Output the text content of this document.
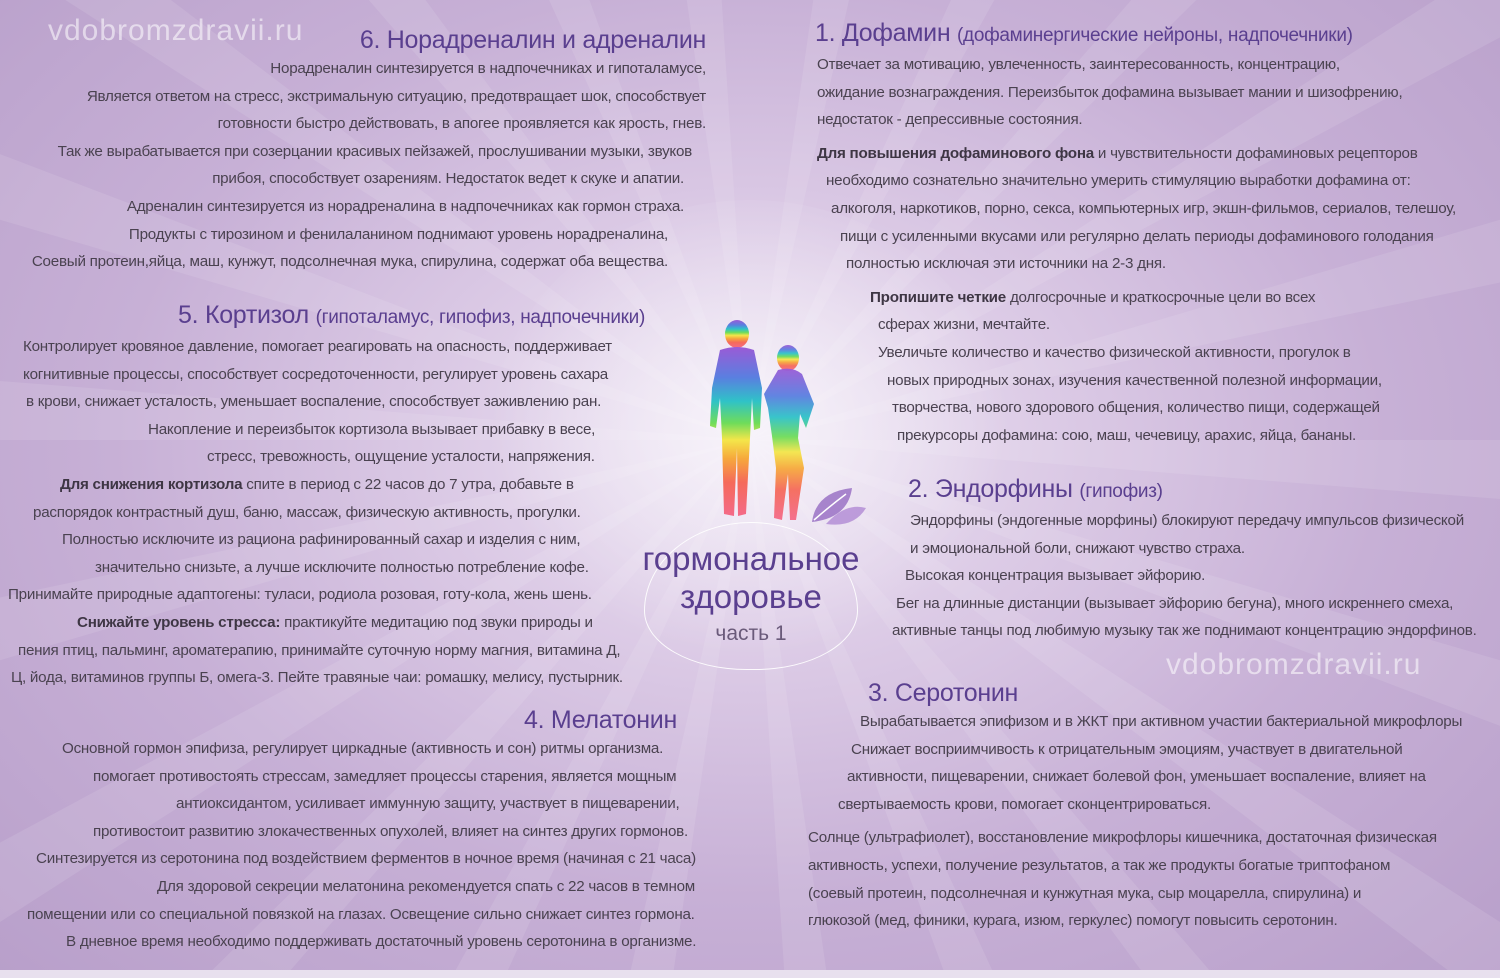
vdobromzdravii.ru
vdobromzdravii.ru
6. Норадреналин и адреналин
Норадреналин синтезируется в надпочечниках и гипоталамусе,
Является ответом на стресс, экстримальную ситуацию, предотвращает шок, способствует
готовности быстро действовать, в апогее проявляется как ярость, гнев.
Так же вырабатывается при созерцании красивых пейзажей, прослушивании музыки, звуков
прибоя, способствует озарениям. Недостаток ведет к скуке и апатии.
Адреналин синтезируется из норадреналина в надпочечниках как гормон страха.
Продукты с тирозином и фенилаланином поднимают уровень норадреналина,
Соевый протеин,яйца, маш, кунжут, подсолнечная мука, спирулина, содержат оба вещества.
5. Кортизол (гипоталамус, гипофиз, надпочечники)
Контролирует кровяное давление, помогает реагировать на опасность, поддерживает
когнитивные процессы, способствует сосредоточенности, регулирует уровень сахара
в крови, снижает усталость, уменьшает воспаление, способствует заживлению ран.
Накопление и переизбыток кортизола вызывает прибавку в весе,
стресс, тревожность, ощущение усталости, напряжения.
Для снижения кортизола спите в период с 22 часов до 7 утра, добавьте в
распорядок контрастный душ, баню, массаж, физическую активность, прогулки.
Полностью исключите из рациона рафинированный сахар и изделия с ним,
значительно снизьте, а лучше исключите полностью потребление кофе.
Принимайте природные адаптогены: туласи, родиола розовая, готу-кола, жень шень.
Снижайте уровень стресса: практикуйте медитацию под звуки природы и
пения птиц, пальминг, ароматерапию, принимайте суточную норму магния, витамина Д,
Ц, йода, витаминов группы Б, омега-3. Пейте травяные чаи: ромашку, мелису, пустырник.
4. Мелатонин
Основной гормон эпифиза, регулирует циркадные (активность и сон) ритмы организма.
помогает противостоять стрессам, замедляет процессы старения, является мощным
антиоксидантом, усиливает иммунную защиту, участвует в пищеварении,
противостоит развитию злокачественных опухолей, влияет на синтез других гормонов.
Синтезируется из серотонина под воздействием ферментов в ночное время (начиная с 21 часа)
Для здоровой секреции мелатонина рекомендуется спать с 22 часов в темном
помещении или со специальной повязкой на глазах. Освещение сильно снижает синтез гормона.
В дневное время необходимо поддерживать достаточный уровень серотонина в организме.
1. Дофамин (дофаминергические нейроны, надпочечники)
Отвечает за мотивацию, увлеченность, заинтересованность, концентрацию,
ожидание вознаграждения. Переизбыток дофамина вызывает мании и шизофрению,
недостаток - депрессивные состояния.
Для повышения дофаминового фона и чувствительности дофаминовых рецепторов
необходимо сознательно значительно умерить стимуляцию выработки дофамина от:
алкоголя, наркотиков, порно, секса, компьютерных игр, экшн-фильмов, сериалов, телешоу,
пищи с усиленными вкусами или регулярно делать периоды дофаминового голодания
полностью исключая эти источники на 2-3 дня.
Пропишите четкие долгосрочные и краткосрочные цели во всех
сферах жизни, мечтайте.
Увеличьте количество и качество физической активности, прогулок в
новых природных зонах, изучения качественной полезной информации,
творчества, нового здорового общения, количество пищи, содержащей
прекурсоры дофамина: сою, маш, чечевицу, арахис, яйца, бананы.
2. Эндорфины (гипофиз)
Эндорфины (эндогенные морфины) блокируют передачу импульсов физической
и эмоциональной боли, снижают чувство страха.
Высокая концентрация вызывает эйфорию.
Бег на длинные дистанции (вызывает эйфорию бегуна), много искреннего смеха,
активные танцы под любимую музыку так же поднимают концентрацию эндорфинов.
3. Серотонин
Вырабатывается эпифизом и в ЖКТ при активном участии бактериальной микрофлоры
Снижает восприимчивость к отрицательным эмоциям, участвует в двигательной
активности, пищеварении, снижает болевой фон, уменьшает воспаление, влияет на
свертываемость крови, помогает сконцентрироваться.
Солнце (ультрафиолет), восстановление микрофлоры кишечника, достаточная физическая
активность, успехи, получение результатов, а так же продукты богатые триптофаном
(соевый протеин, подсолнечная и кунжутная мука, сыр моцарелла, спирулина) и
глюкозой (мед, финики, курага, изюм, геркулес) помогут повысить серотонин.
гормональное
здоровье
часть 1
